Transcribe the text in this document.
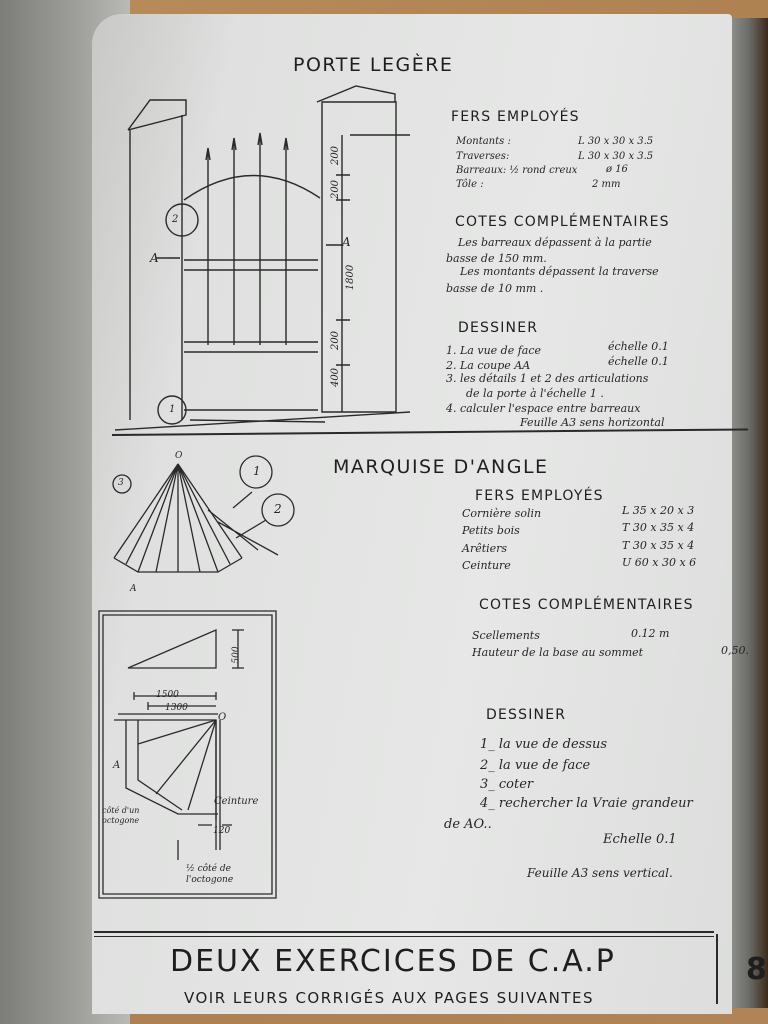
PORTE LEGÈRE
200
200
1800
200
400
A
A
1
2
FERS EMPLOYÉS
Montants :	L 30 x 30 x 3.5
Traverses:	L 30 x 30 x 3.5
Barreaux: ½ rond creux	ø 16
Tôle :	2 mm
COTES COMPLÉMENTAIRES
Les barreaux dépassent à la partie
basse de 150 mm.
Les montants dépassent la traverse
basse de 10 mm .
DESSINER
1. La vue de face	échelle 0.1
2. La coupe AA	échelle 0.1
3. les détails 1 et 2 des articulations
de la porte à l'échelle 1 .
4. calculer l'espace entre barreaux
Feuille A3 sens horizontal
MARQUISE D'ANGLE
O
A
1
2
3
500
1500
1300
120
O
A
côté d'un octogone
Ceinture
½ côté de l'octogone
FERS EMPLOYÉS
Cornière solin	L 35 x 20 x 3
Petits bois	T 30 x 35 x 4
Arêtiers	T 30 x 35 x 4
Ceinture	U 60 x 30 x 6
COTES COMPLÉMENTAIRES
Scellements	0.12 m
Hauteur de la base au sommet	0,50.
DESSINER
1_ la vue de dessus
2_ la vue de face
3_ coter
4_ rechercher la Vraie grandeur
de AO..
Echelle 0.1
Feuille A3 sens vertical.
DEUX EXERCICES DE C.A.P
VOIR LEURS CORRIGÉS AUX PAGES SUIVANTES
8
